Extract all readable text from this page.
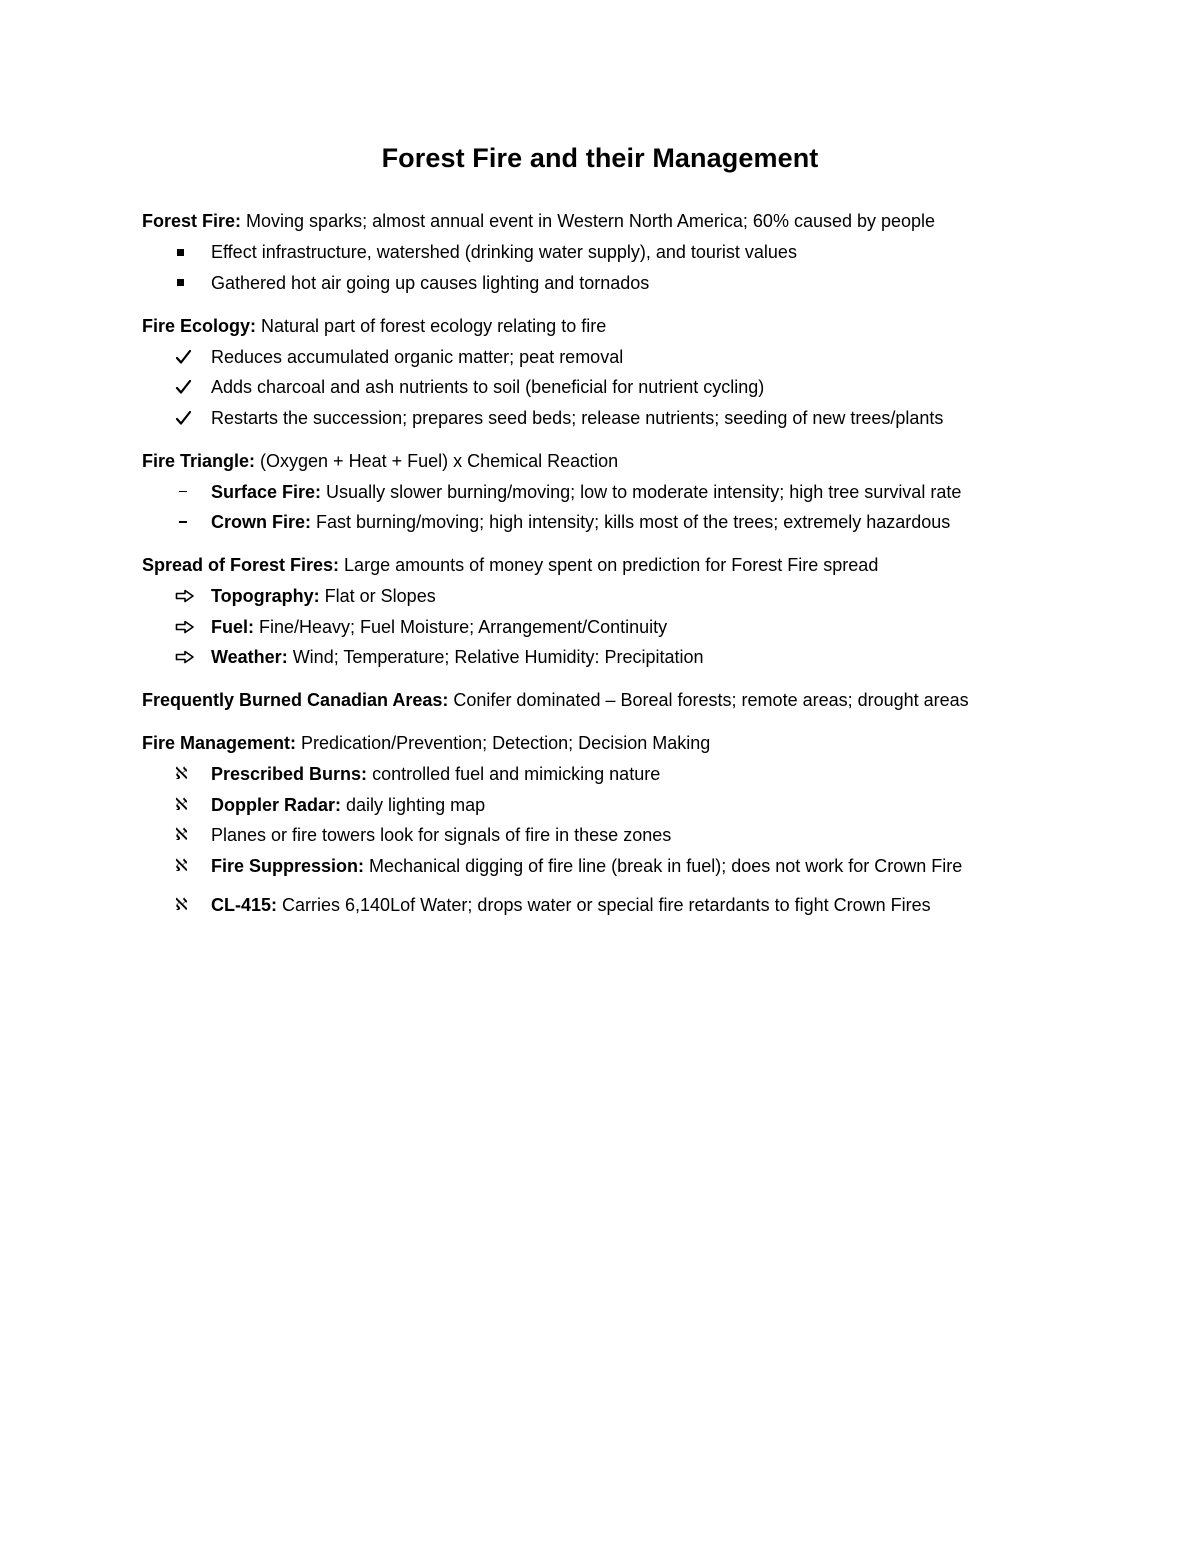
Forest Fire and their Management
Forest Fire: Moving sparks; almost annual event in Western North America; 60% caused by people
Effect infrastructure, watershed (drinking water supply), and tourist values
Gathered hot air going up causes lighting and tornados
Fire Ecology: Natural part of forest ecology relating to fire
Reduces accumulated organic matter; peat removal
Adds charcoal and ash nutrients to soil (beneficial for nutrient cycling)
Restarts the succession; prepares seed beds; release nutrients; seeding of new trees/plants
Fire Triangle: (Oxygen + Heat + Fuel) x Chemical Reaction
Surface Fire: Usually slower burning/moving; low to moderate intensity; high tree survival rate
Crown Fire: Fast burning/moving; high intensity; kills most of the trees; extremely hazardous
Spread of Forest Fires: Large amounts of money spent on prediction for Forest Fire spread
Topography: Flat or Slopes
Fuel: Fine/Heavy; Fuel Moisture; Arrangement/Continuity
Weather: Wind; Temperature; Relative Humidity: Precipitation
Frequently Burned Canadian Areas: Conifer dominated – Boreal forests; remote areas; drought areas
Fire Management: Predication/Prevention; Detection; Decision Making
ℵ	Prescribed Burns: controlled fuel and mimicking nature
ℵ	Doppler Radar: daily lighting map
ℵ	Planes or fire towers look for signals of fire in these zones
ℵ	Fire Suppression: Mechanical digging of fire line (break in fuel); does not work for Crown Fire
ℵ	CL-415: Carries 6,140Lof Water; drops water or special fire retardants to fight Crown Fires
